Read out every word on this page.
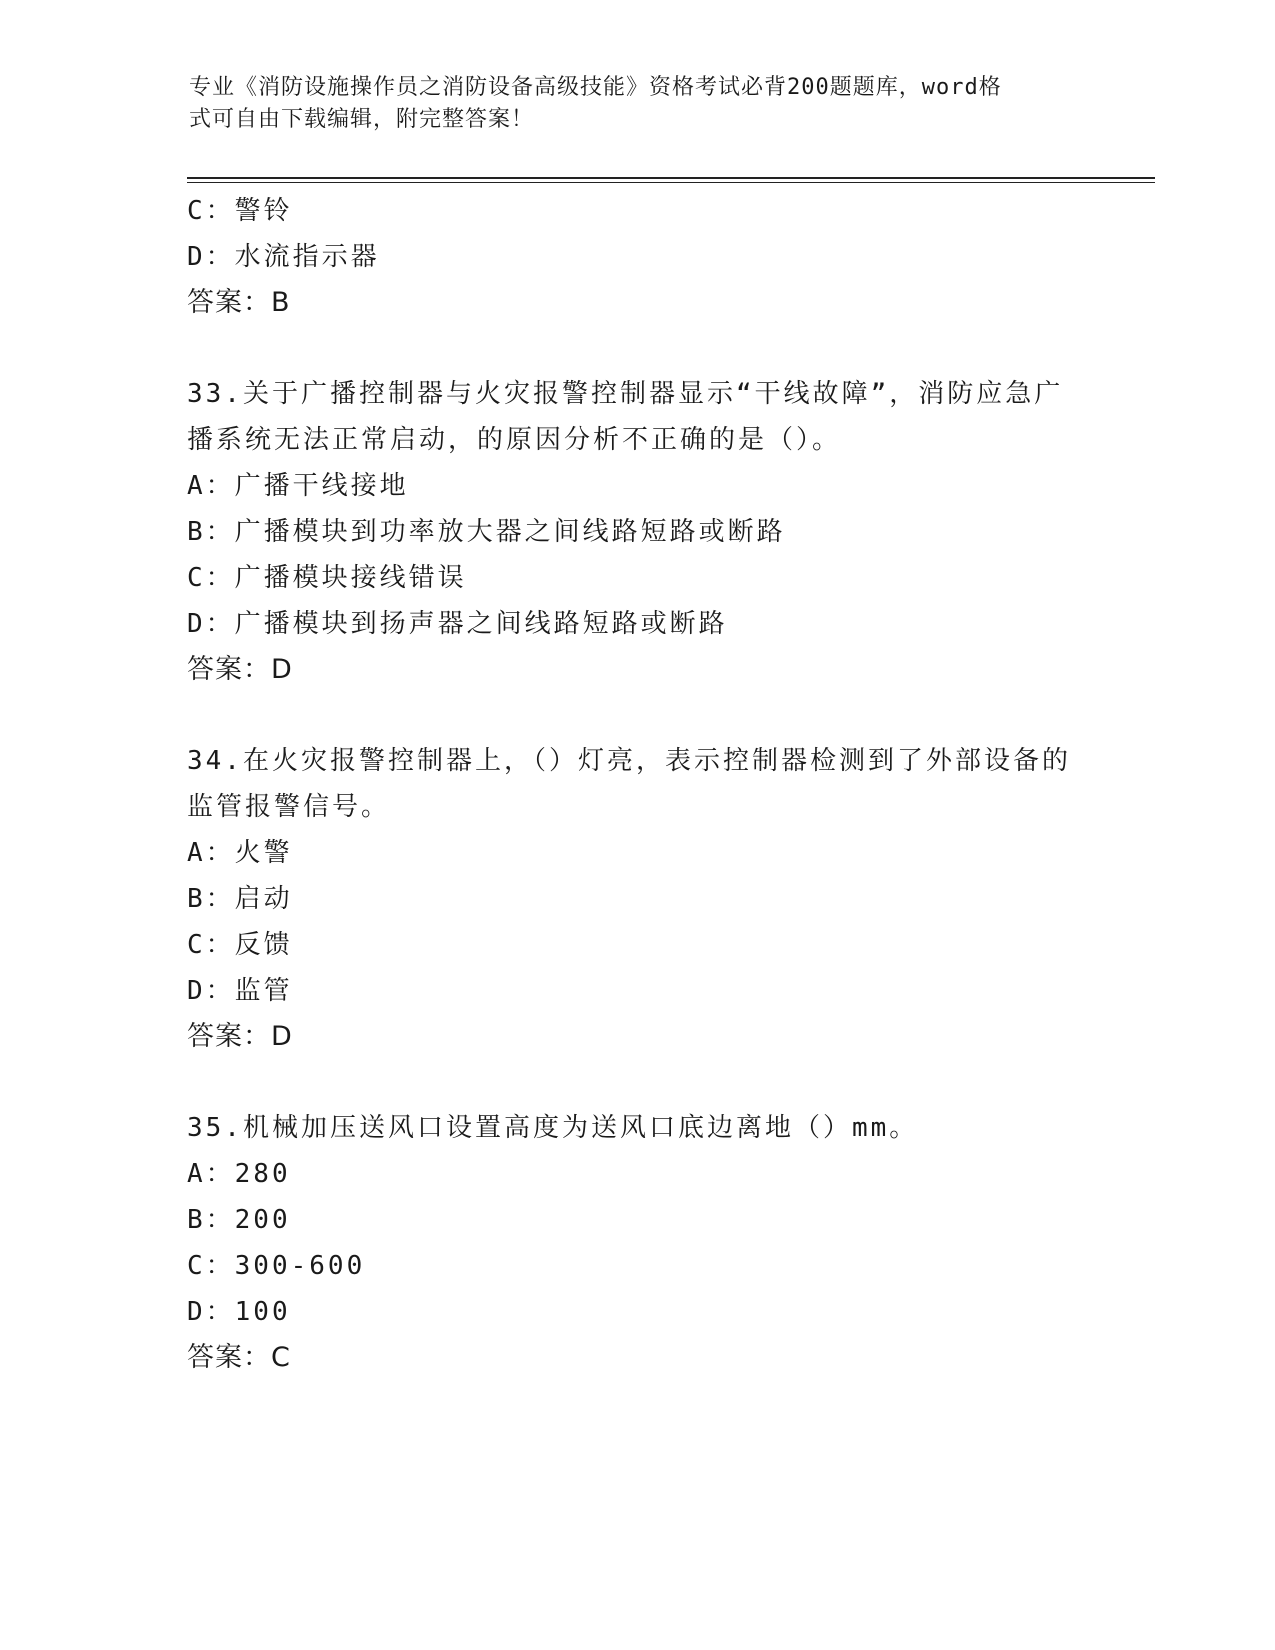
专业《消防设施操作员之消防设备高级技能》资格考试必背200题题库，word格
式可自由下载编辑，附完整答案！
C：警铃
D：水流指示器
答案：B
33.关于广播控制器与火灾报警控制器显示“干线故障”，消防应急广
播系统无法正常启动，的原因分析不正确的是（）。
A：广播干线接地
B：广播模块到功率放大器之间线路短路或断路
C：广播模块接线错误
D：广播模块到扬声器之间线路短路或断路
答案：D
34.在火灾报警控制器上，（）灯亮，表示控制器检测到了外部设备的
监管报警信号。
A：火警
B：启动
C：反馈
D：监管
答案：D
35.机械加压送风口设置高度为送风口底边离地（）mm。
A：280
B：200
C：300-600
D：100
答案：C
